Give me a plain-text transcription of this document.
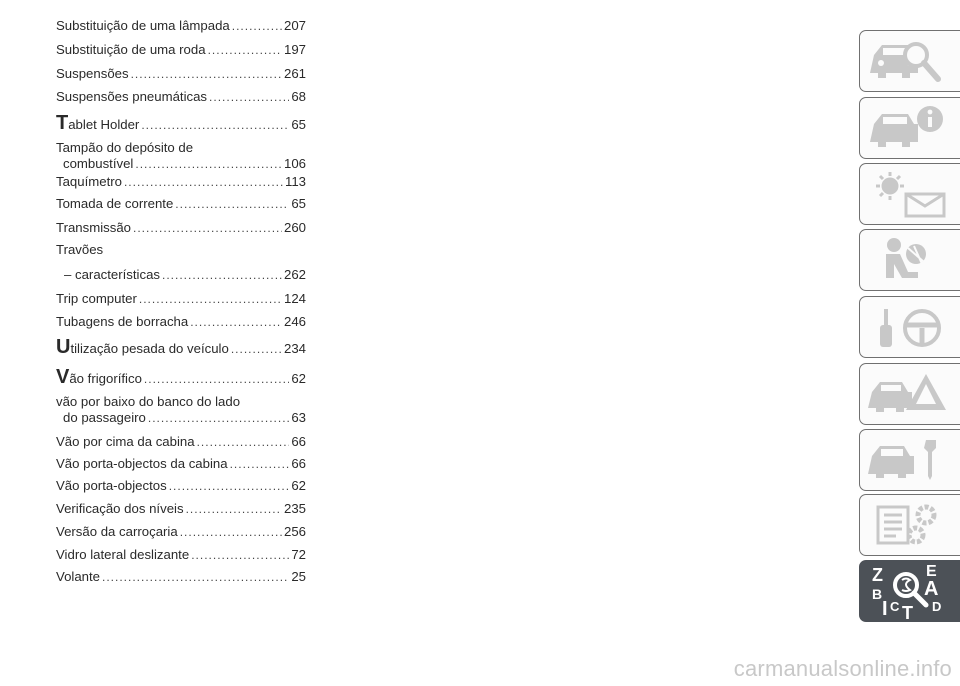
Substituição de uma lâmpada .....	207
Substituição de uma roda .....	197
Suspensões .....	261
Suspensões pneumáticas .....	68
Tablet Holder .....	65
Tampão do depósito de
combustível .....	106
Taquímetro .....	113
Tomada de corrente .....	65
Transmissão .....	260
Travões
– características .....	262
Trip computer .....	124
Tubagens de borracha .....	246
Utilização pesada do veículo .....	234
Vão frigorífico .....	62
vão por baixo do banco do lado
do passageiro .....	63
Vão por cima da cabina .....	66
Vão porta-objectos da cabina .....	66
Vão porta-objectos .....	62
Verificação dos níveis .....	235
Versão da carroçaria .....	256
Vidro lateral deslizante .....	72
Volante .....	25	Z	E
B A
I C T D
carmanualsonline.info
